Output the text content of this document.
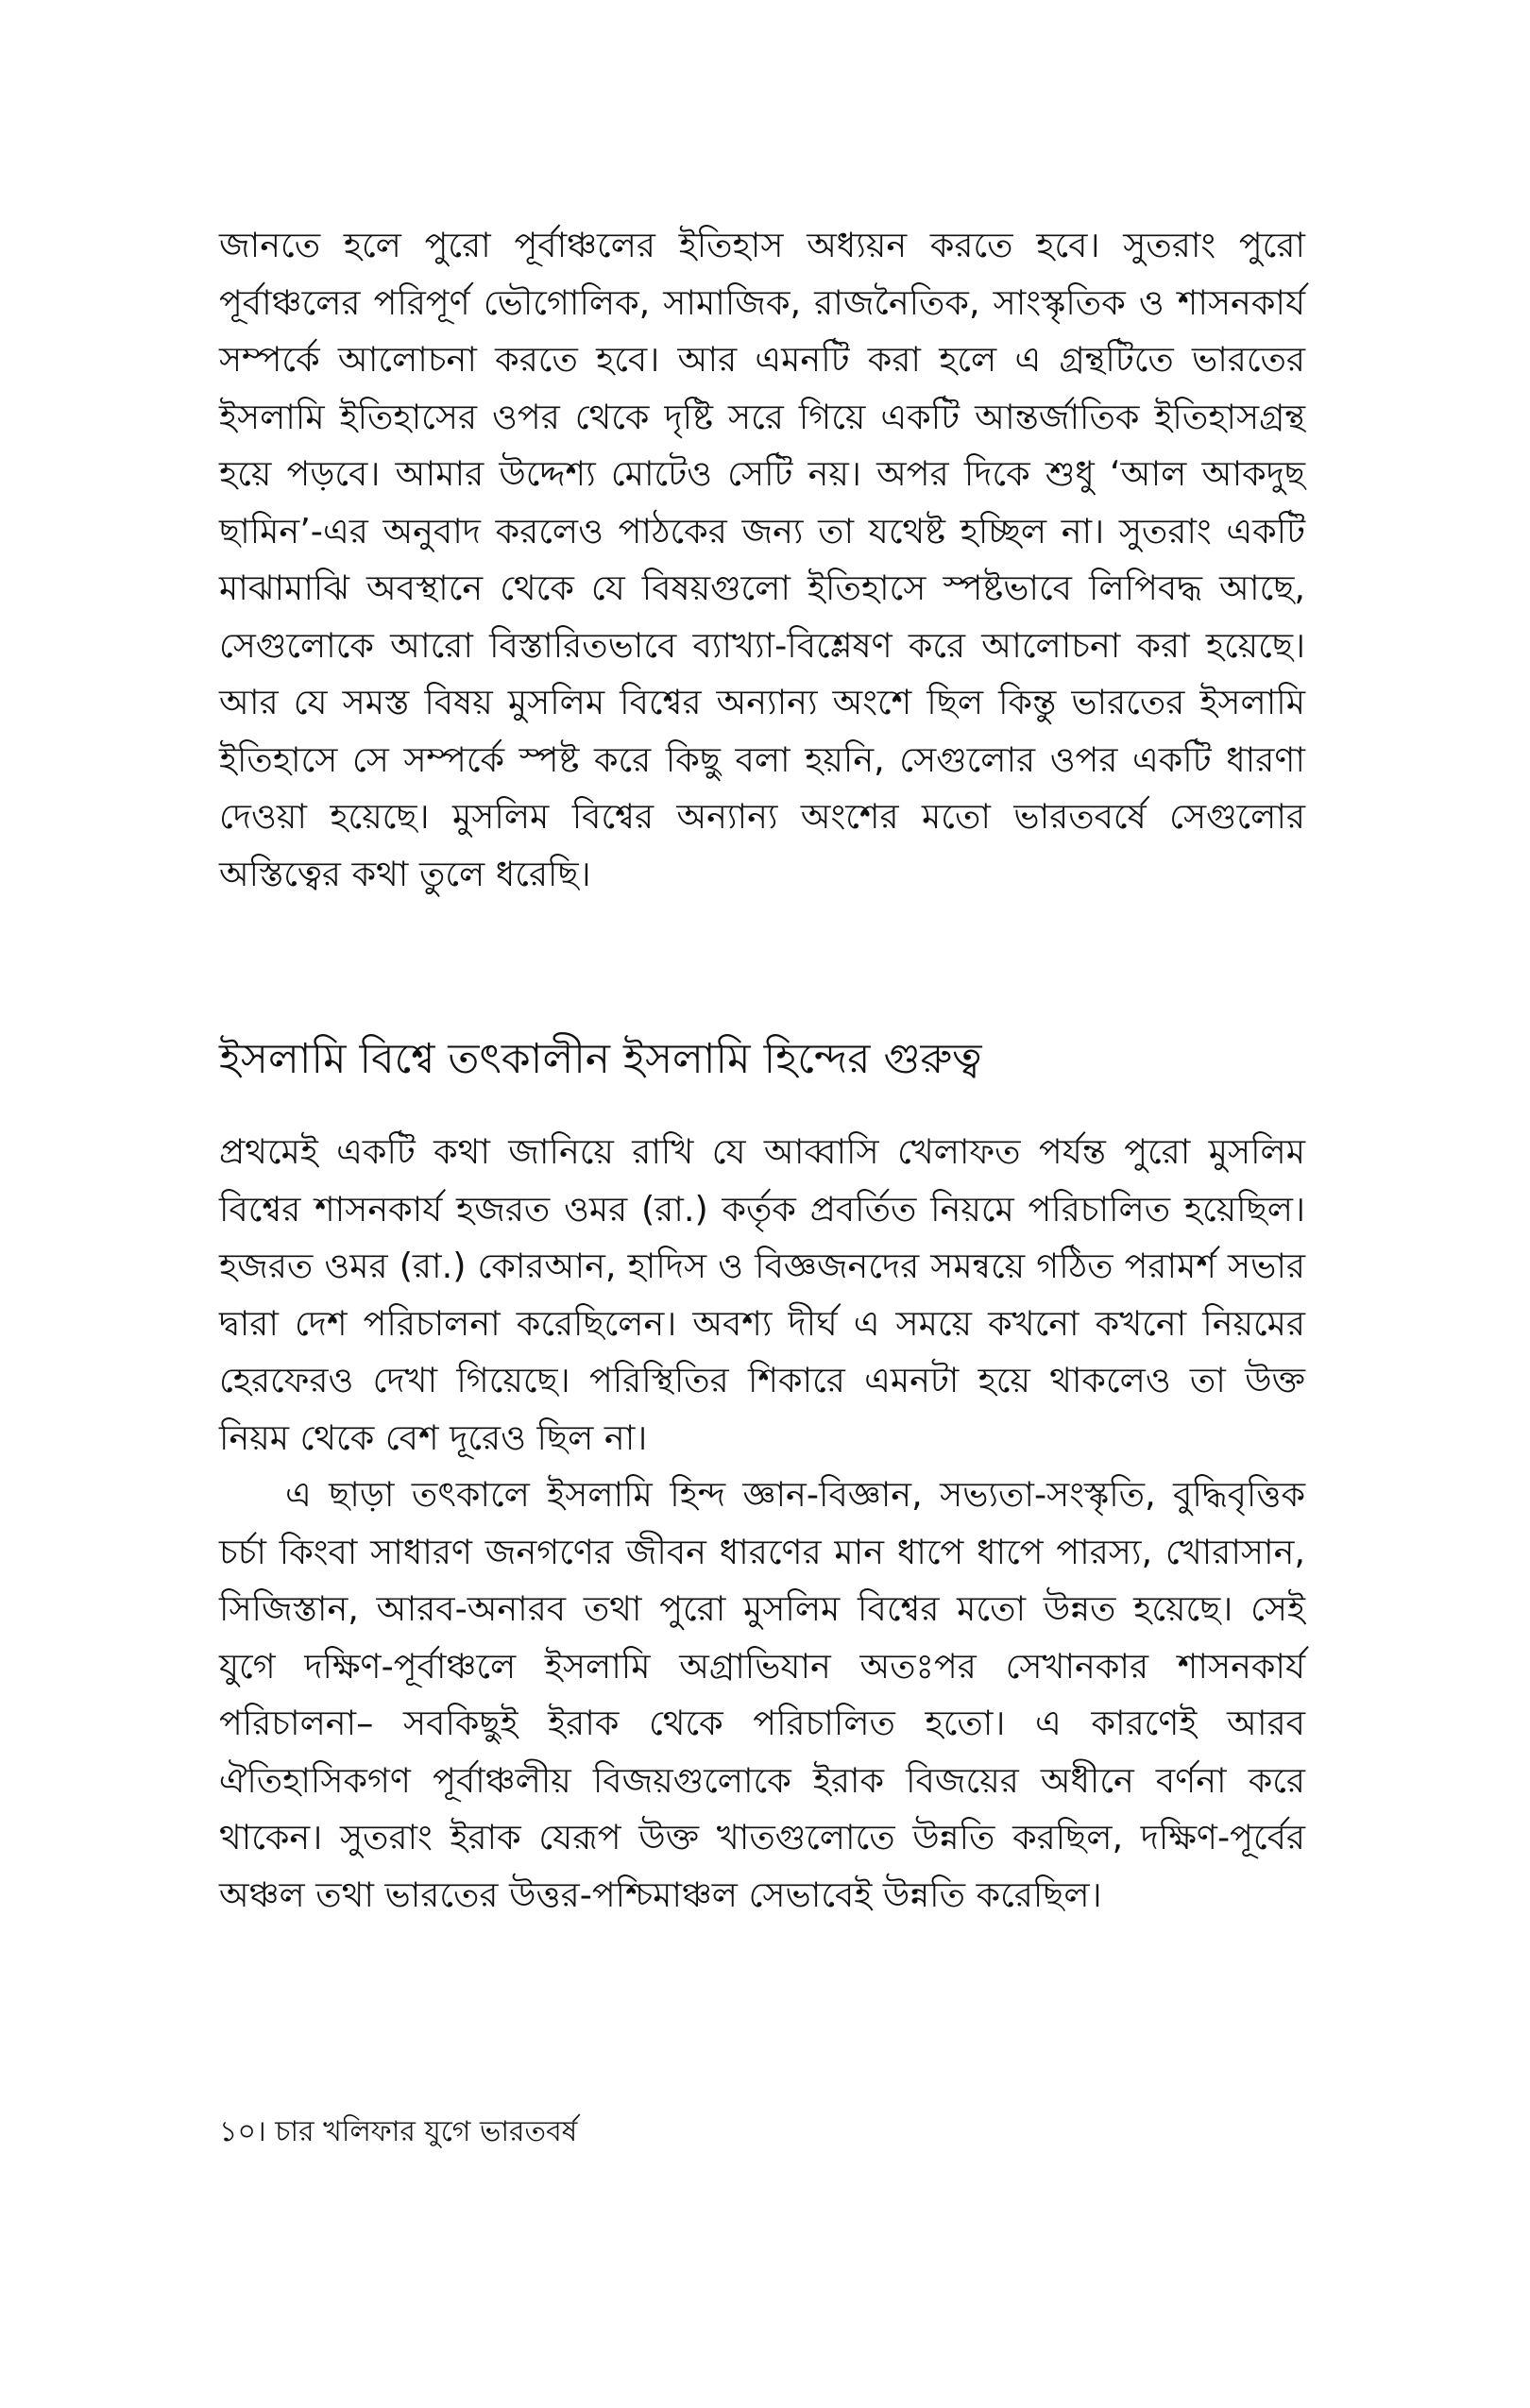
জানতে হলে পুরো পূর্বাঞ্চলের ইতিহাস অধ্যয়ন করতে হবে। সুতরাং পুরো পূর্বাঞ্চলের পরিপূর্ণ ভৌগোলিক, সামাজিক, রাজনৈতিক, সাংস্কৃতিক ও শাসনকার্য সম্পর্কে আলোচনা করতে হবে। আর এমনটি করা হলে এ গ্রন্থটিতে ভারতের ইসলামি ইতিহাসের ওপর থেকে দৃষ্টি সরে গিয়ে একটি আন্তর্জাতিক ইতিহাসগ্রন্থ হয়ে পড়বে। আমার উদ্দেশ্য মোটেও সেটি নয়। অপর দিকে শুধু ‘আল আকদুছ ছামিন’-এর অনুবাদ করলেও পাঠকের জন্য তা যথেষ্ট হচ্ছিল না। সুতরাং একটি মাঝামাঝি অবস্থানে থেকে যে বিষয়গুলো ইতিহাসে স্পষ্টভাবে লিপিবদ্ধ আছে, সেগুলোকে আরো বিস্তারিতভাবে ব্যাখ্যা-বিশ্লেষণ করে আলোচনা করা হয়েছে। আর যে সমস্ত বিষয় মুসলিম বিশ্বের অন্যান্য অংশে ছিল কিন্তু ভারতের ইসলামি ইতিহাসে সে সম্পর্কে স্পষ্ট করে কিছু বলা হয়নি, সেগুলোর ওপর একটি ধারণা দেওয়া হয়েছে। মুসলিম বিশ্বের অন্যান্য অংশের মতো ভারতবর্ষে সেগুলোর অস্তিত্বের কথা তুলে ধরেছি।

ইসলামি বিশ্বে তৎকালীন ইসলামি হিন্দের গুরুত্ব

প্রথমেই একটি কথা জানিয়ে রাখি যে আব্বাসি খেলাফত পর্যন্ত পুরো মুসলিম বিশ্বের শাসনকার্য হজরত ওমর (রা.) কর্তৃক প্রবর্তিত নিয়মে পরিচালিত হয়েছিল। হজরত ওমর (রা.) কোরআন, হাদিস ও বিজ্ঞজনদের সমন্বয়ে গঠিত পরামর্শ সভার দ্বারা দেশ পরিচালনা করেছিলেন। অবশ্য দীর্ঘ এ সময়ে কখনো কখনো নিয়মের হেরফেরও দেখা গিয়েছে। পরিস্থিতির শিকারে এমনটা হয়ে থাকলেও তা উক্ত নিয়ম থেকে বেশ দূরেও ছিল না।

এ ছাড়া তৎকালে ইসলামি হিন্দ জ্ঞান-বিজ্ঞান, সভ্যতা-সংস্কৃতি, বুদ্ধিবৃত্তিক চর্চা কিংবা সাধারণ জনগণের জীবন ধারণের মান ধাপে ধাপে পারস্য, খোরাসান, সিজিস্তান, আরব-অনারব তথা পুরো মুসলিম বিশ্বের মতো উন্নত হয়েছে। সেই যুগে দক্ষিণ-পূর্বাঞ্চলে ইসলামি অগ্রাভিযান অতঃপর সেখানকার শাসনকার্য পরিচালনা– সবকিছুই ইরাক থেকে পরিচালিত হতো। এ কারণেই আরব ঐতিহাসিকগণ পূর্বাঞ্চলীয় বিজয়গুলোকে ইরাক বিজয়ের অধীনে বর্ণনা করে থাকেন। সুতরাং ইরাক যেরূপ উক্ত খাতগুলোতে উন্নতি করছিল, দক্ষিণ-পূর্বের অঞ্চল তথা ভারতের উত্তর-পশ্চিমাঞ্চল সেভাবেই উন্নতি করেছিল।

১০। চার খলিফার যুগে ভারতবর্ষ
